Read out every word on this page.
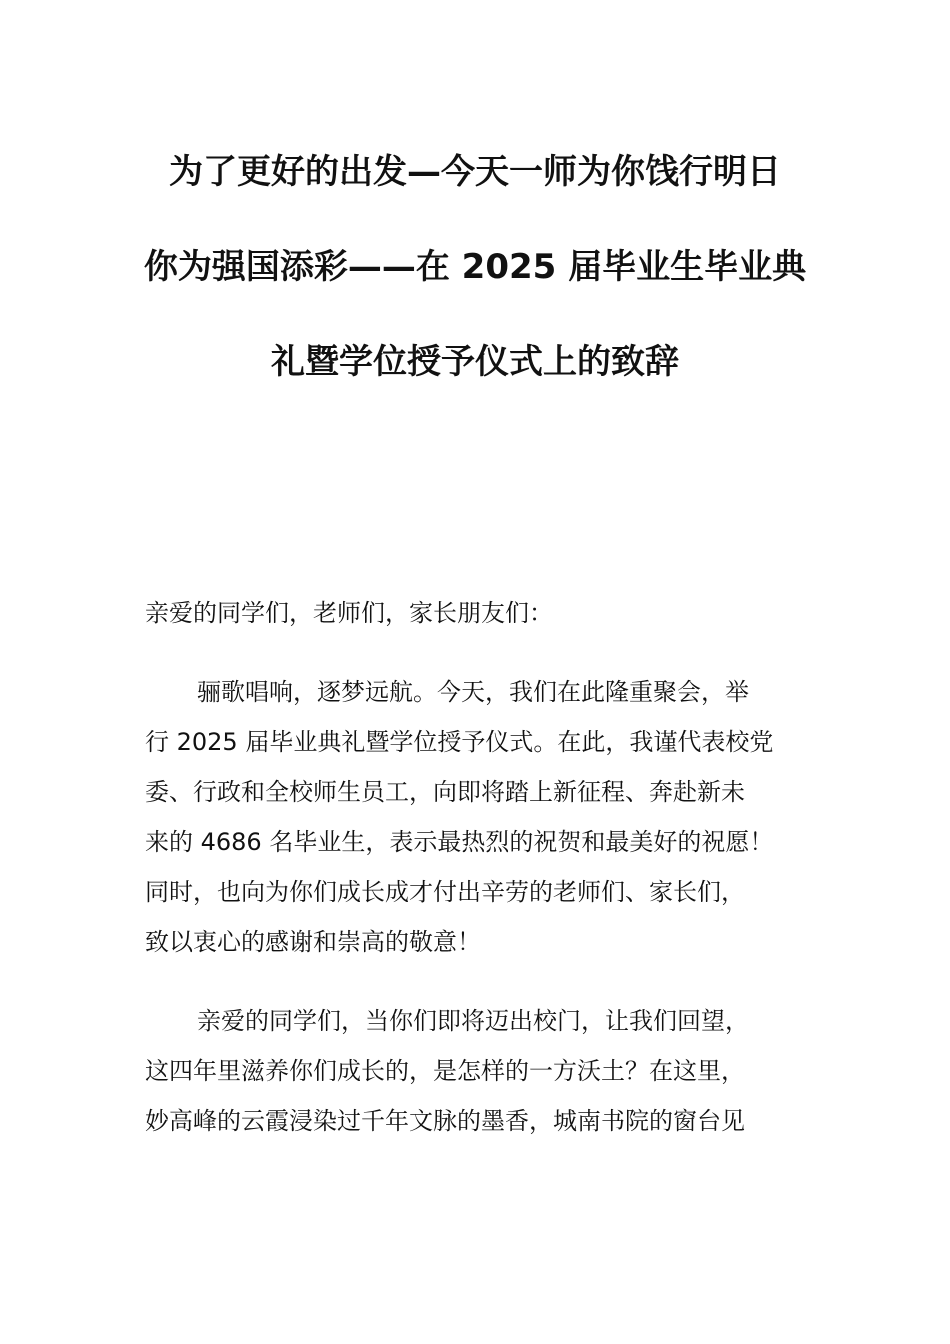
为了更好的出发—今天一师为你饯行明日
你为强国添彩——在 2025 届毕业生毕业典
礼暨学位授予仪式上的致辞
亲爱的同学们，老师们，家长朋友们：
骊歌唱响，逐梦远航。今天，我们在此隆重聚会，举
行 2025 届毕业典礼暨学位授予仪式。在此，我谨代表校党
委、行政和全校师生员工，向即将踏上新征程、奔赴新未
来的 4686 名毕业生，表示最热烈的祝贺和最美好的祝愿！
同时，也向为你们成长成才付出辛劳的老师们、家长们，
致以衷心的感谢和崇高的敬意！
亲爱的同学们，当你们即将迈出校门，让我们回望，
这四年里滋养你们成长的，是怎样的一方沃土？在这里，
妙高峰的云霞浸染过千年文脉的墨香，城南书院的窗台见
